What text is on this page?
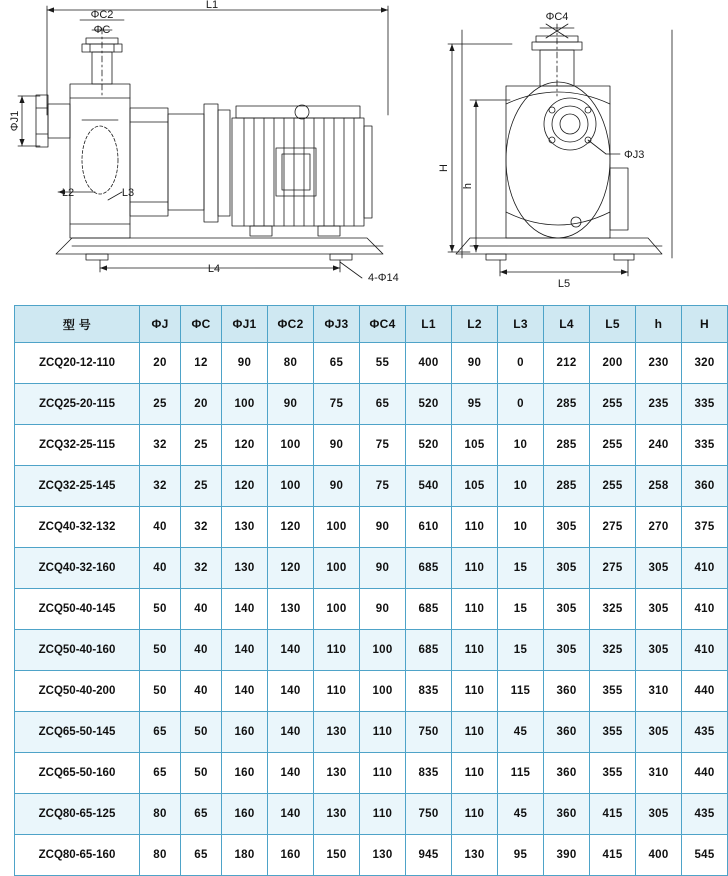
L1
ΦC2
ΦC
ΦJ1
L2	L3
L4
4-Φ14
ΦC4
ΦJ3
H
h
L5
型 号	ΦJ	ΦC	ΦJ1	ΦC2	ΦJ3	ΦC4	L1	L2	L3	L4	L5	h	H
ZCQ20-12-110	20	12	90	80	65	55	400	90	0	212	200	230	320
ZCQ25-20-115	25	20	100	90	75	65	520	95	0	285	255	235	335
ZCQ32-25-115	32	25	120	100	90	75	520	105	10	285	255	240	335
ZCQ32-25-145	32	25	120	100	90	75	540	105	10	285	255	258	360
ZCQ40-32-132	40	32	130	120	100	90	610	110	10	305	275	270	375
ZCQ40-32-160	40	32	130	120	100	90	685	110	15	305	275	305	410
ZCQ50-40-145	50	40	140	130	100	90	685	110	15	305	325	305	410
ZCQ50-40-160	50	40	140	140	110	100	685	110	15	305	325	305	410
ZCQ50-40-200	50	40	140	140	110	100	835	110	115	360	355	310	440
ZCQ65-50-145	65	50	160	140	130	110	750	110	45	360	355	305	435
ZCQ65-50-160	65	50	160	140	130	110	835	110	115	360	355	310	440
ZCQ80-65-125	80	65	160	140	130	110	750	110	45	360	415	305	435
ZCQ80-65-160	80	65	180	160	150	130	945	130	95	390	415	400	545
